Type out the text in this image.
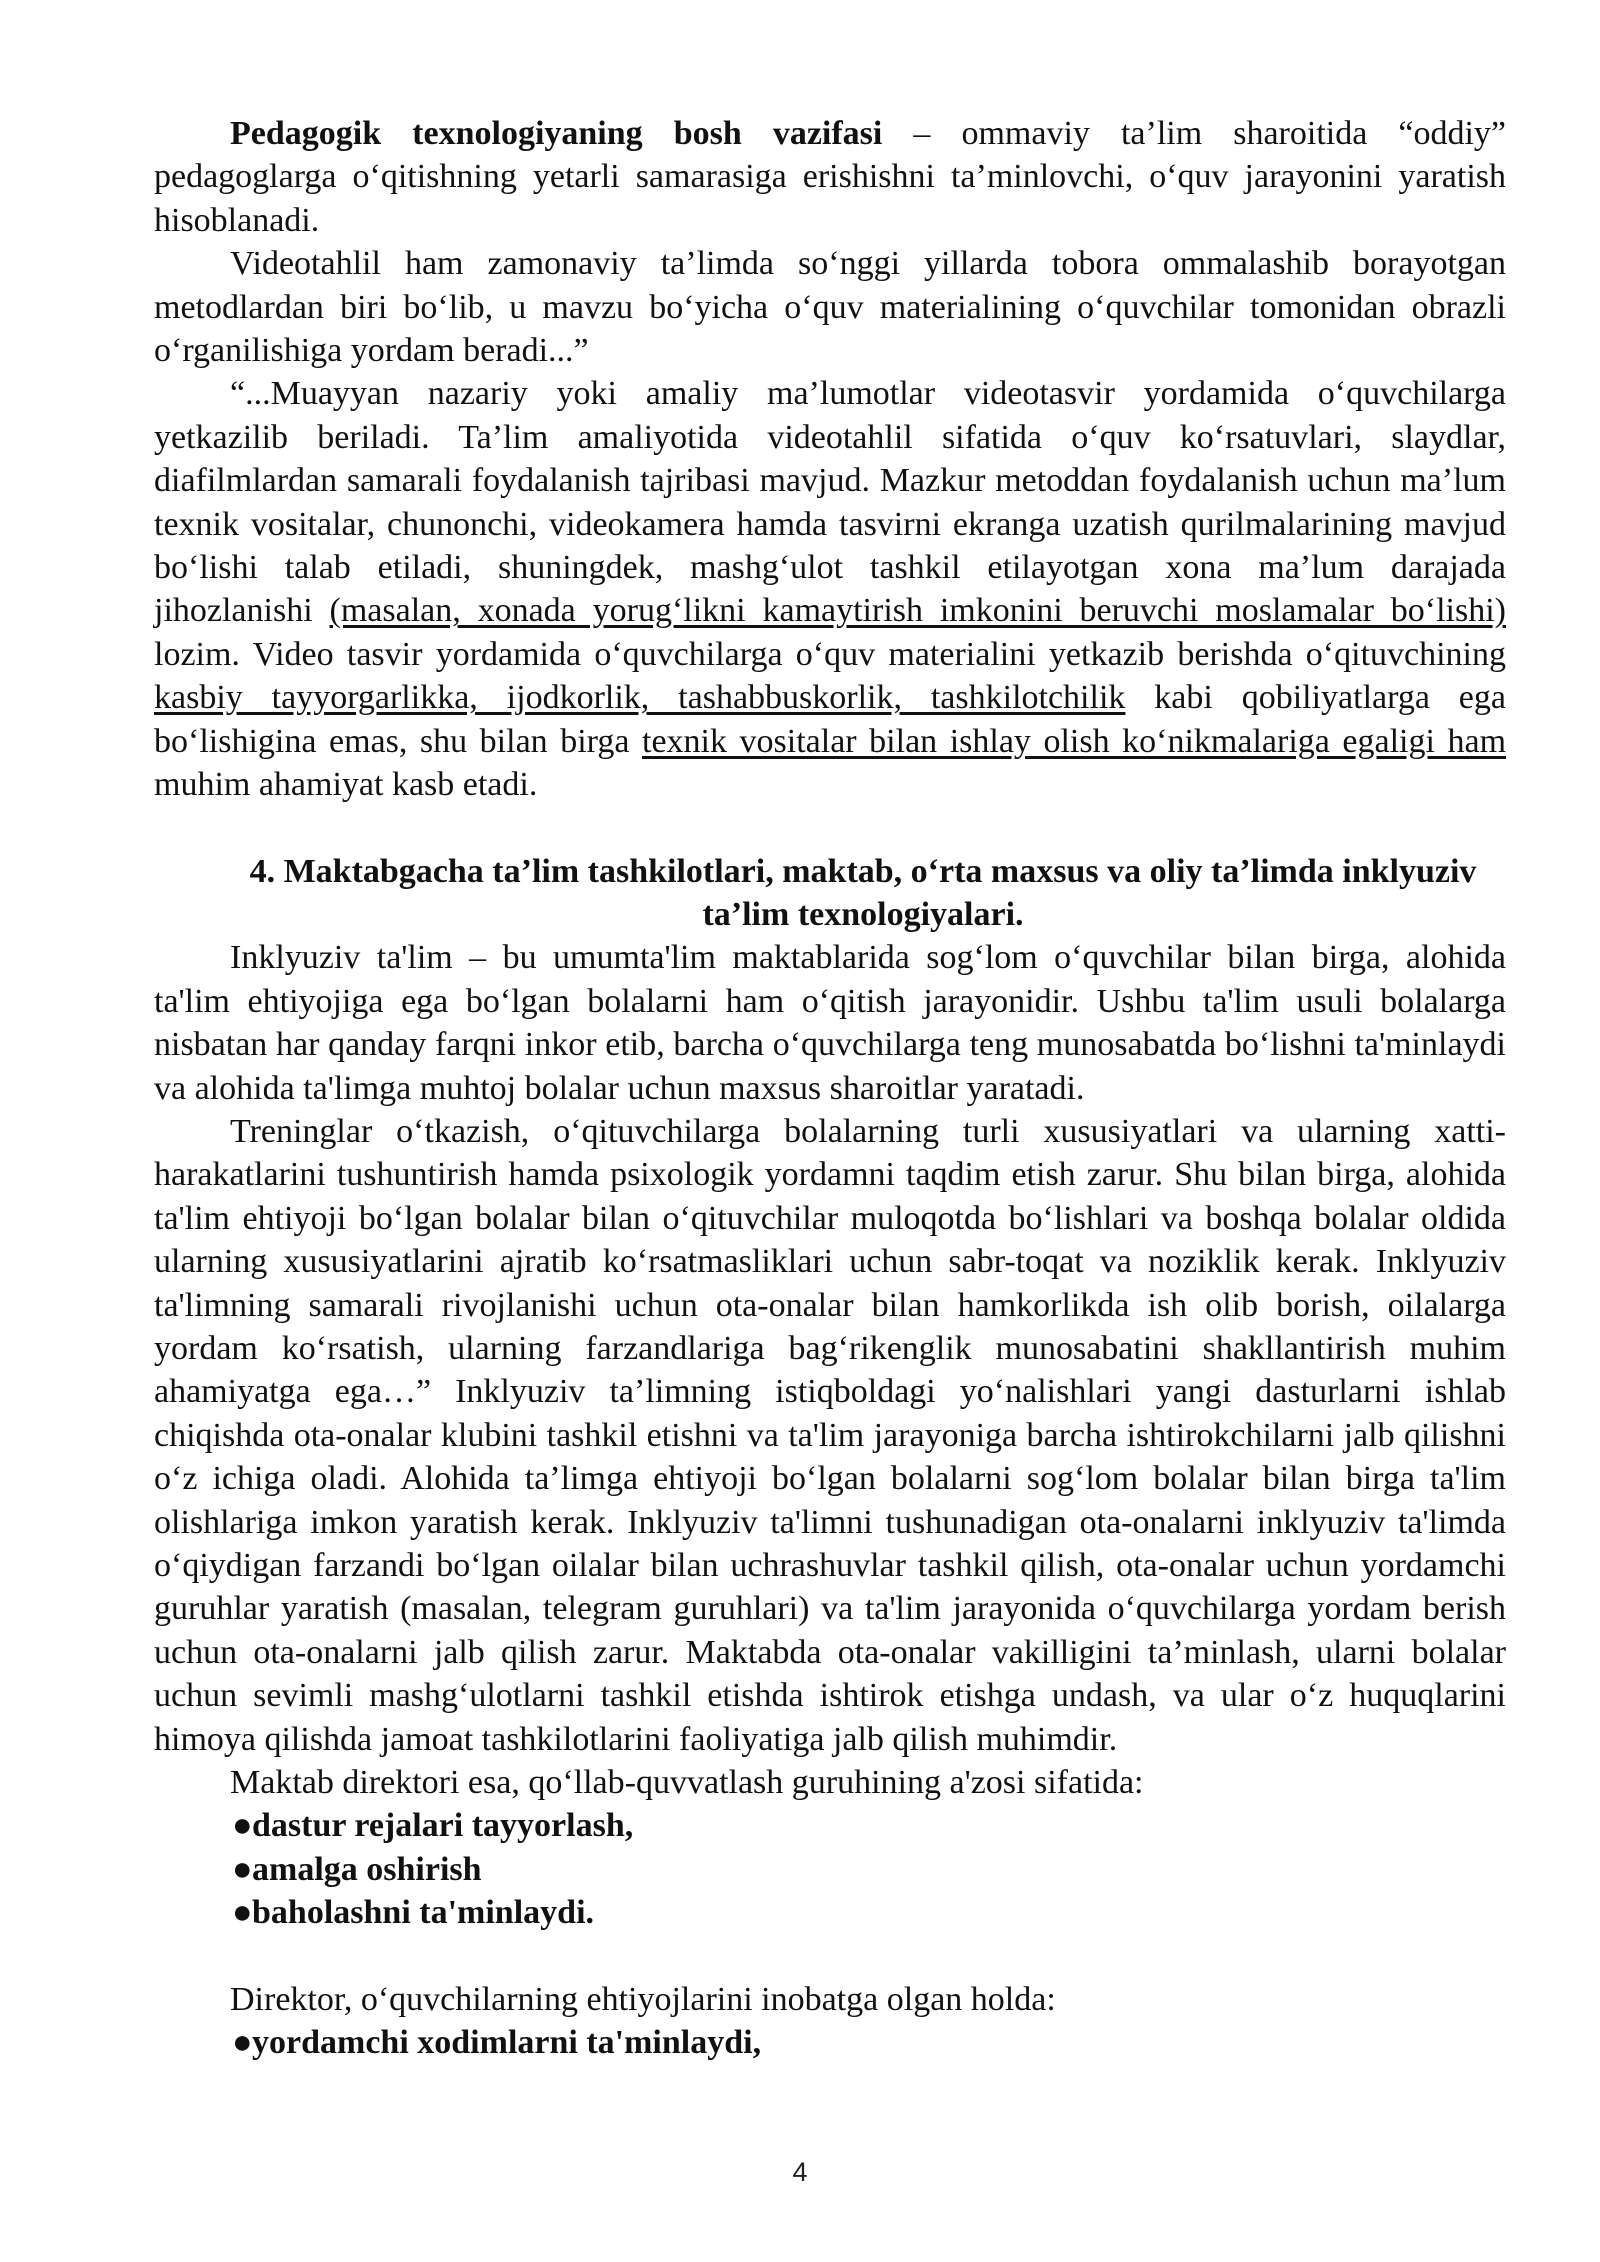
Pedagogik texnologiyaning bosh vazifasi – ommaviy ta’lim sharoitida “oddiy” pedagoglarga o‘qitishning yetarli samarasiga erishishni ta’minlovchi, o‘quv jarayonini yaratish hisoblanadi.

Videotahlil ham zamonaviy ta’limda so‘nggi yillarda tobora ommalashib borayotgan metodlardan biri bo‘lib, u mavzu bo‘yicha o‘quv materialining o‘quvchilar tomonidan obrazli o‘rganilishiga yordam beradi...”

“...Muayyan nazariy yoki amaliy ma’lumotlar videotasvir yordamida o‘quvchilarga yetkazilib beriladi. Ta’lim amaliyotida videotahlil sifatida o‘quv ko‘rsatuvlari, slaydlar, diafilmlardan samarali foydalanish tajribasi mavjud. Mazkur metoddan foydalanish uchun ma’lum texnik vositalar, chunonchi, videokamera hamda tasvirni ekranga uzatish qurilmalarining mavjud bo‘lishi talab etiladi, shuningdek, mashg‘ulot tashkil etilayotgan xona ma’lum darajada jihozlanishi (masalan, xonada yorug‘likni kamaytirish imkonini beruvchi moslamalar bo‘lishi) lozim. Video tasvir yordamida o‘quvchilarga o‘quv materialini yetkazib berishda o‘qituvchining kasbiy tayyorgarlikka, ijodkorlik, tashabbuskorlik, tashkilotchilik kabi qobiliyatlarga ega bo‘lishigina emas, shu bilan birga texnik vositalar bilan ishlay olish ko‘nikmalariga egaligi ham muhim ahamiyat kasb etadi.

4. Maktabgacha ta’lim tashkilotlari, maktab, o‘rta maxsus va oliy ta’limda inklyuziv ta’lim texnologiyalari.

Inklyuziv ta'lim – bu umumta'lim maktablarida sog‘lom o‘quvchilar bilan birga, alohida ta'lim ehtiyojiga ega bo‘lgan bolalarni ham o‘qitish jarayonidir. Ushbu ta'lim usuli bolalarga nisbatan har qanday farqni inkor etib, barcha o‘quvchilarga teng munosabatda bo‘lishni ta'minlaydi va alohida ta'limga muhtoj bolalar uchun maxsus sharoitlar yaratadi.

Treninglar o‘tkazish, o‘qituvchilarga bolalarning turli xususiyatlari va ularning xatti-harakatlarini tushuntirish hamda psixologik yordamni taqdim etish zarur. Shu bilan birga, alohida ta'lim ehtiyoji bo‘lgan bolalar bilan o‘qituvchilar muloqotda bo‘lishlari va boshqa bolalar oldida ularning xususiyatlarini ajratib ko‘rsatmasliklari uchun sabr-toqat va noziklik kerak. Inklyuziv ta'limning samarali rivojlanishi uchun ota-onalar bilan hamkorlikda ish olib borish, oilalarga yordam ko‘rsatish, ularning farzandlariga bag‘rikenglik munosabatini shakllantirish muhim ahamiyatga ega…” Inklyuziv ta’limning istiqboldagi yo‘nalishlari yangi dasturlarni ishlab chiqishda ota-onalar klubini tashkil etishni va ta'lim jarayoniga barcha ishtirokchilarni jalb qilishni o‘z ichiga oladi. Alohida ta’limga ehtiyoji bo‘lgan bolalarni sog‘lom bolalar bilan birga ta'lim olishlariga imkon yaratish kerak. Inklyuziv ta'limni tushunadigan ota-onalarni inklyuziv ta'limda o‘qiydigan farzandi bo‘lgan oilalar bilan uchrashuvlar tashkil qilish, ota-onalar uchun yordamchi guruhlar yaratish (masalan, telegram guruhlari) va ta'lim jarayonida o‘quvchilarga yordam berish uchun ota-onalarni jalb qilish zarur. Maktabda ota-onalar vakilligini ta’minlash, ularni bolalar uchun sevimli mashg‘ulotlarni tashkil etishda ishtirok etishga undash, va ular o‘z huquqlarini himoya qilishda jamoat tashkilotlarini faoliyatiga jalb qilish muhimdir.

Maktab direktori esa, qo‘llab-quvvatlash guruhining a'zosi sifatida:

● dastur rejalari tayyorlash,
● amalga oshirish
● baholashni ta'minlaydi.

Direktor, o‘quvchilarning ehtiyojlarini inobatga olgan holda:

● yordamchi xodimlarni ta'minlaydi,
4
